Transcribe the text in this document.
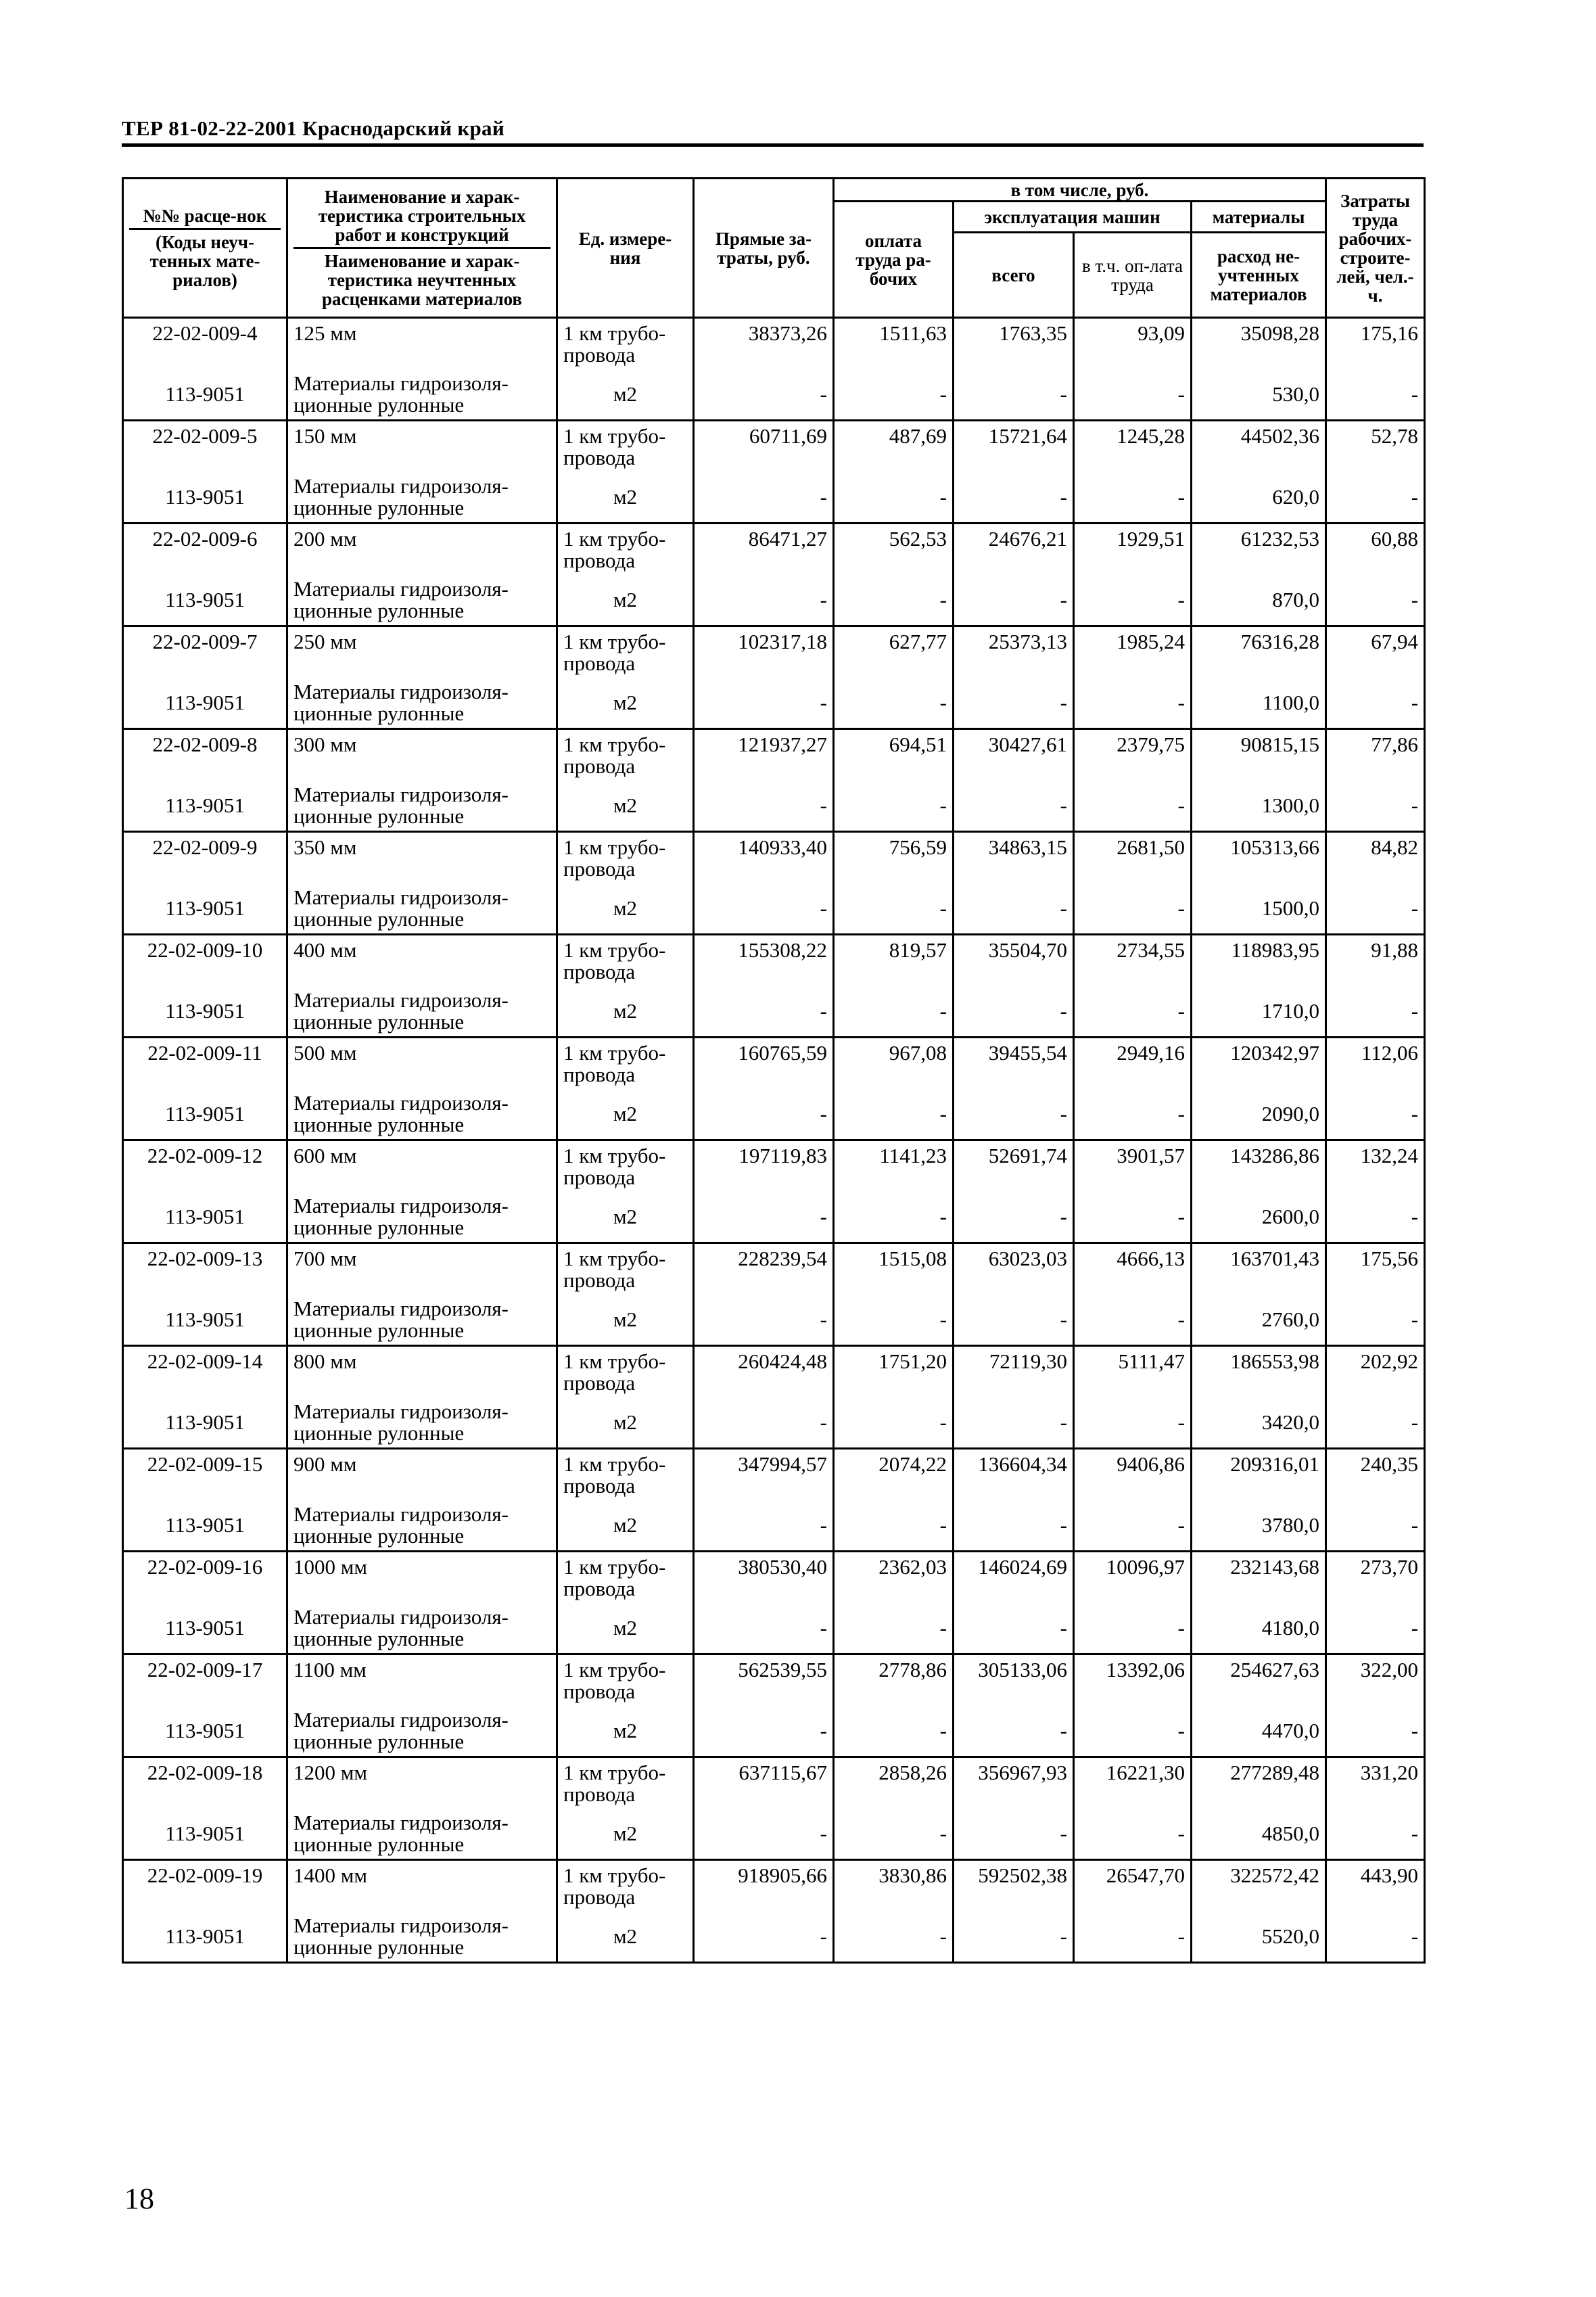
ТЕР 81-02-22-2001 Краснодарский край
№№ расце-нок
(Коды неуч-тенных мате-риалов)	Наименование и харак-теристика строительных работ и конструкций
Наименование и харак-теристика неучтенных расценками материалов	Ед. измере-ния	Прямые за-траты, руб.	в том числе, руб.				Затраты труда рабочих-строите-лей, чел.-ч.
				оплата труда ра-бочих	эксплуатация машин		материалы	
					всего	в т.ч. оп-лата труда	расход не-учтенных материалов	
22-02-009-4	125 мм	1 км трубо-провода	38373,26	1511,63	1763,35	93,09	35098,28	175,16
113-9051	Материалы гидроизоля-ционные рулонные	м2	-	-	-	-	530,0	-
22-02-009-5	150 мм	1 км трубо-провода	60711,69	487,69	15721,64	1245,28	44502,36	52,78
113-9051	Материалы гидроизоля-ционные рулонные	м2	-	-	-	-	620,0	-
22-02-009-6	200 мм	1 км трубо-провода	86471,27	562,53	24676,21	1929,51	61232,53	60,88
113-9051	Материалы гидроизоля-ционные рулонные	м2	-	-	-	-	870,0	-
22-02-009-7	250 мм	1 км трубо-провода	102317,18	627,77	25373,13	1985,24	76316,28	67,94
113-9051	Материалы гидроизоля-ционные рулонные	м2	-	-	-	-	1100,0	-
22-02-009-8	300 мм	1 км трубо-провода	121937,27	694,51	30427,61	2379,75	90815,15	77,86
113-9051	Материалы гидроизоля-ционные рулонные	м2	-	-	-	-	1300,0	-
22-02-009-9	350 мм	1 км трубо-провода	140933,40	756,59	34863,15	2681,50	105313,66	84,82
113-9051	Материалы гидроизоля-ционные рулонные	м2	-	-	-	-	1500,0	-
22-02-009-10	400 мм	1 км трубо-провода	155308,22	819,57	35504,70	2734,55	118983,95	91,88
113-9051	Материалы гидроизоля-ционные рулонные	м2	-	-	-	-	1710,0	-
22-02-009-11	500 мм	1 км трубо-провода	160765,59	967,08	39455,54	2949,16	120342,97	112,06
113-9051	Материалы гидроизоля-ционные рулонные	м2	-	-	-	-	2090,0	-
22-02-009-12	600 мм	1 км трубо-провода	197119,83	1141,23	52691,74	3901,57	143286,86	132,24
113-9051	Материалы гидроизоля-ционные рулонные	м2	-	-	-	-	2600,0	-
22-02-009-13	700 мм	1 км трубо-провода	228239,54	1515,08	63023,03	4666,13	163701,43	175,56
113-9051	Материалы гидроизоля-ционные рулонные	м2	-	-	-	-	2760,0	-
22-02-009-14	800 мм	1 км трубо-провода	260424,48	1751,20	72119,30	5111,47	186553,98	202,92
113-9051	Материалы гидроизоля-ционные рулонные	м2	-	-	-	-	3420,0	-
22-02-009-15	900 мм	1 км трубо-провода	347994,57	2074,22	136604,34	9406,86	209316,01	240,35
113-9051	Материалы гидроизоля-ционные рулонные	м2	-	-	-	-	3780,0	-
22-02-009-16	1000 мм	1 км трубо-провода	380530,40	2362,03	146024,69	10096,97	232143,68	273,70
113-9051	Материалы гидроизоля-ционные рулонные	м2	-	-	-	-	4180,0	-
22-02-009-17	1100 мм	1 км трубо-провода	562539,55	2778,86	305133,06	13392,06	254627,63	322,00
113-9051	Материалы гидроизоля-ционные рулонные	м2	-	-	-	-	4470,0	-
22-02-009-18	1200 мм	1 км трубо-провода	637115,67	2858,26	356967,93	16221,30	277289,48	331,20
113-9051	Материалы гидроизоля-ционные рулонные	м2	-	-	-	-	4850,0	-
22-02-009-19	1400 мм	1 км трубо-провода	918905,66	3830,86	592502,38	26547,70	322572,42	443,90
113-9051	Материалы гидроизоля-ционные рулонные	м2	-	-	-	-	5520,0	-
18
